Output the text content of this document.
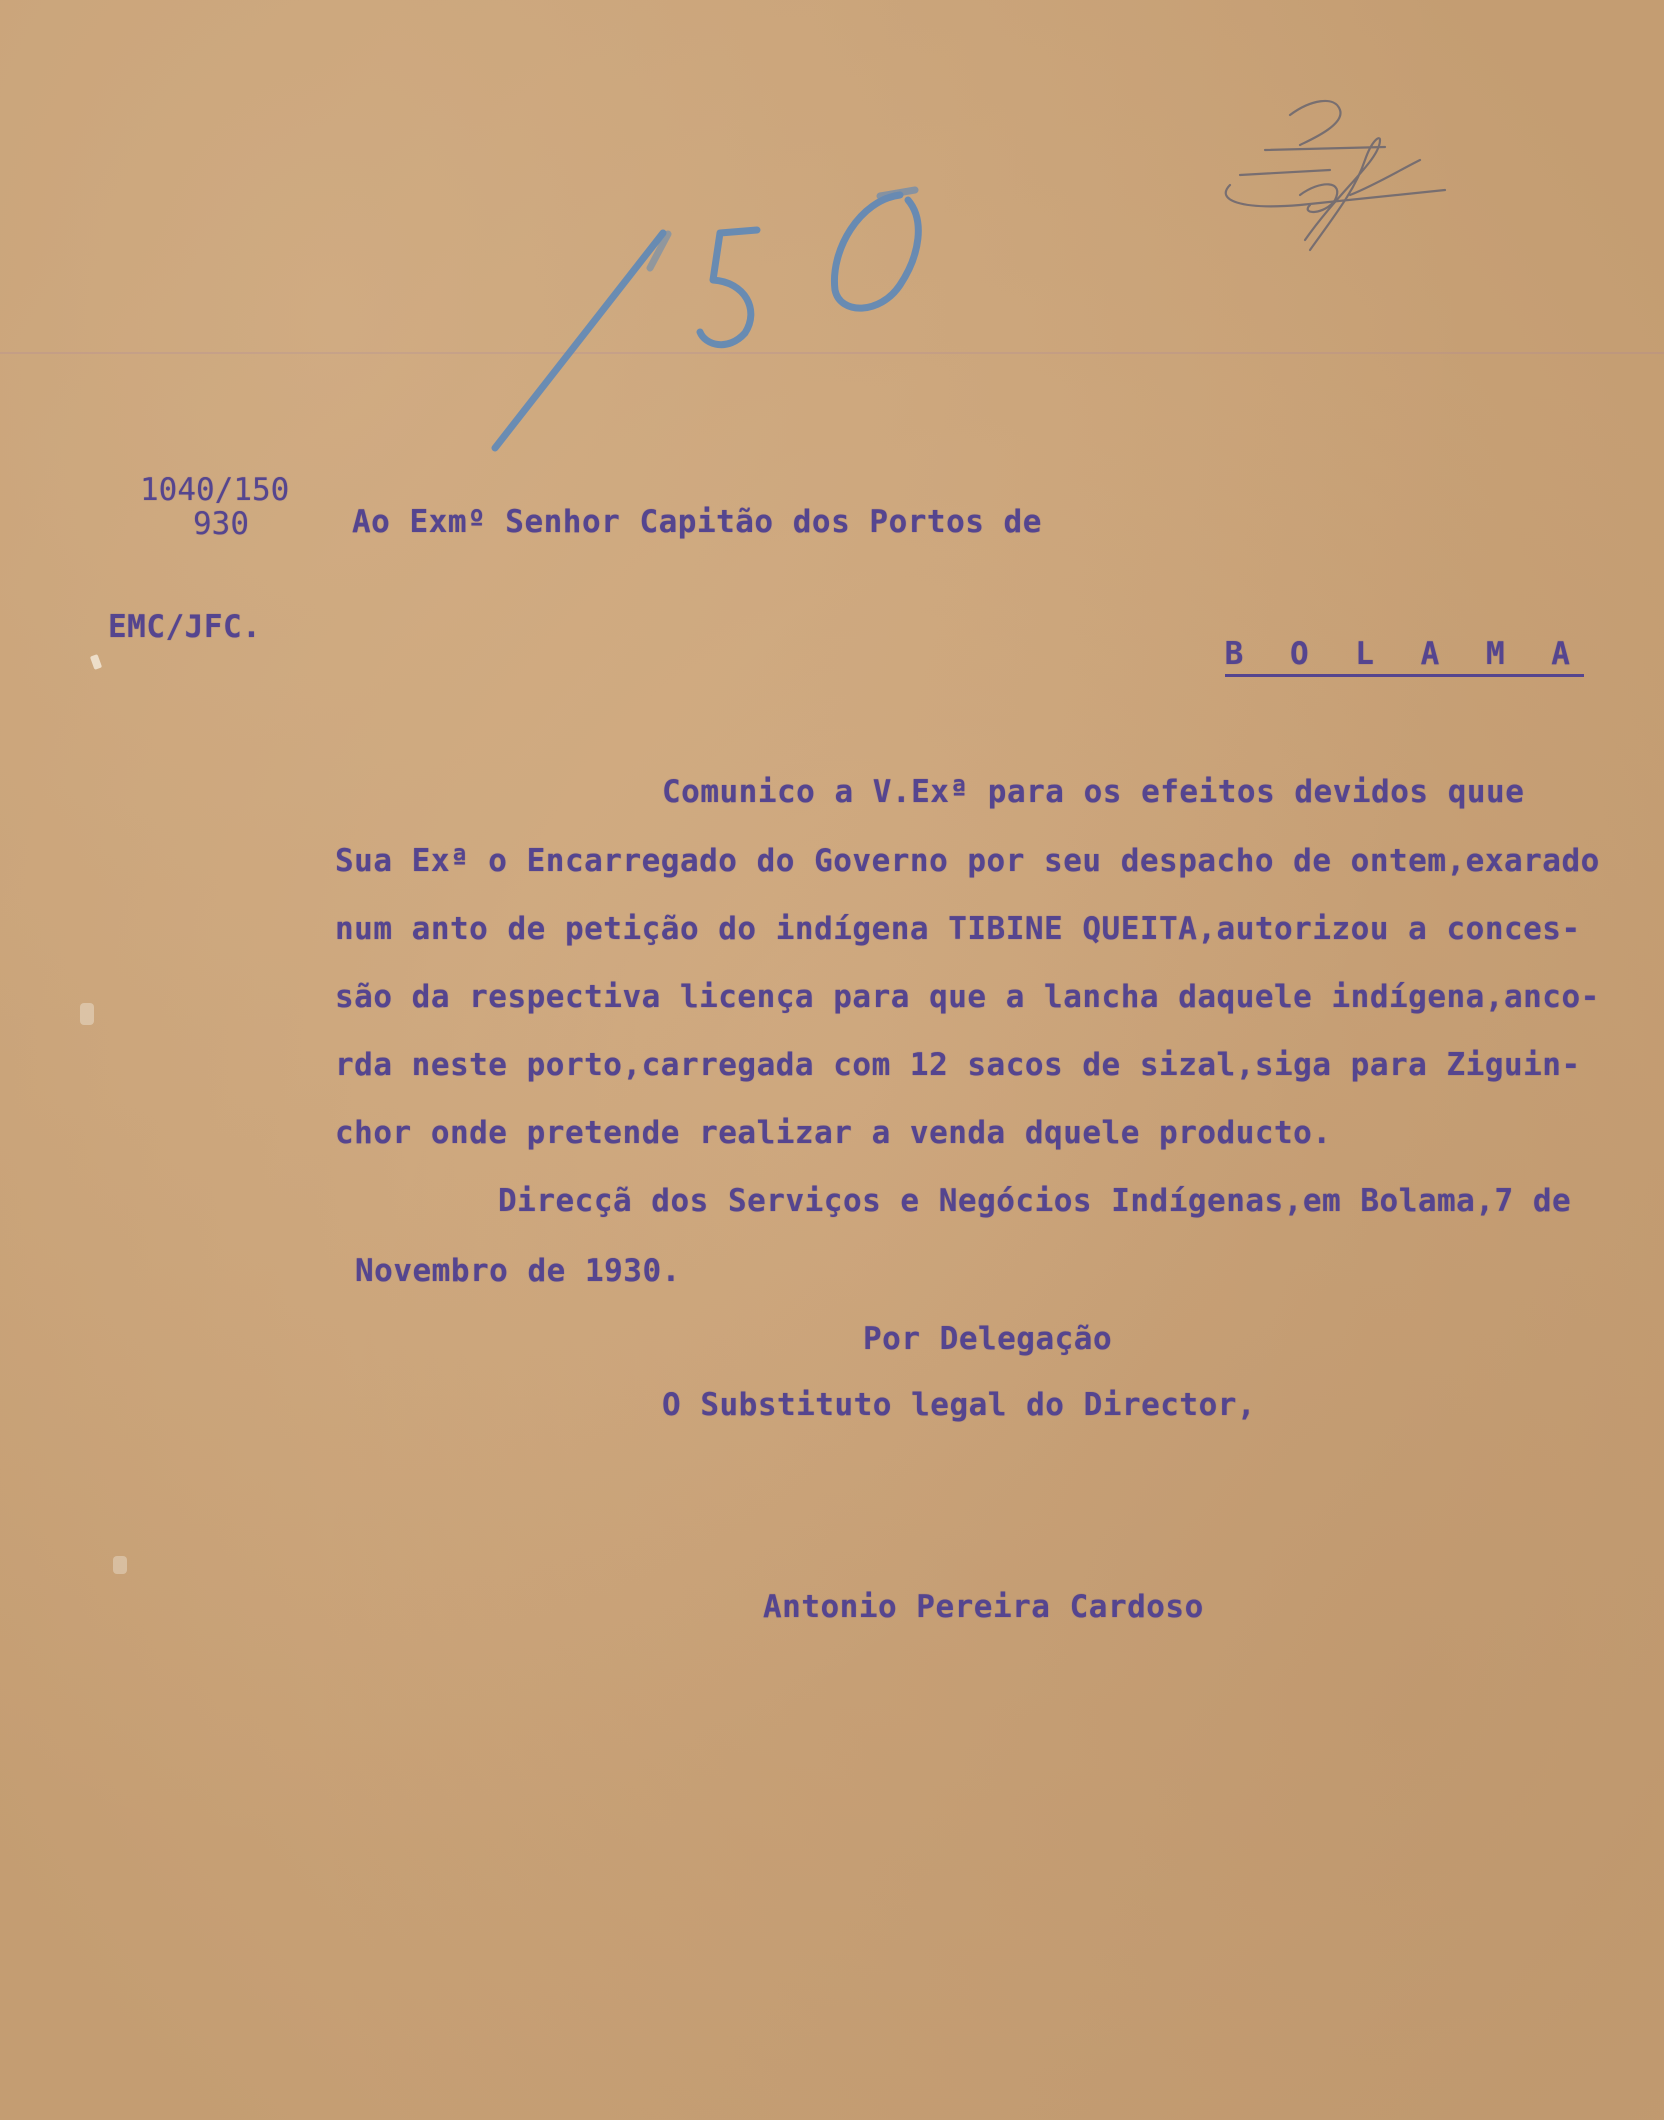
1040/150
930	Ao Exmº Senhor Capitão dos Portos de
EMC/JFC.

B O L A M A

Comunico a V.Exª para os efeitos devidos quue
Sua Exª o Encarregado do Governo por seu despacho de ontem,exarado
num anto de petição do indígena TIBINE QUEITA,autorizou a conces-
são da respectiva licença para que a lancha daquele indígena,anco-
rda neste porto,carregada com 12 sacos de sizal,siga para Ziguin-
chor onde pretende realizar a venda dquele producto.
Direcçã dos Serviços e Negócios Indígenas,em Bolama,7 de
Novembro de 1930.
Por Delegação
O Substituto legal do Director,
Antonio Pereira Cardoso
